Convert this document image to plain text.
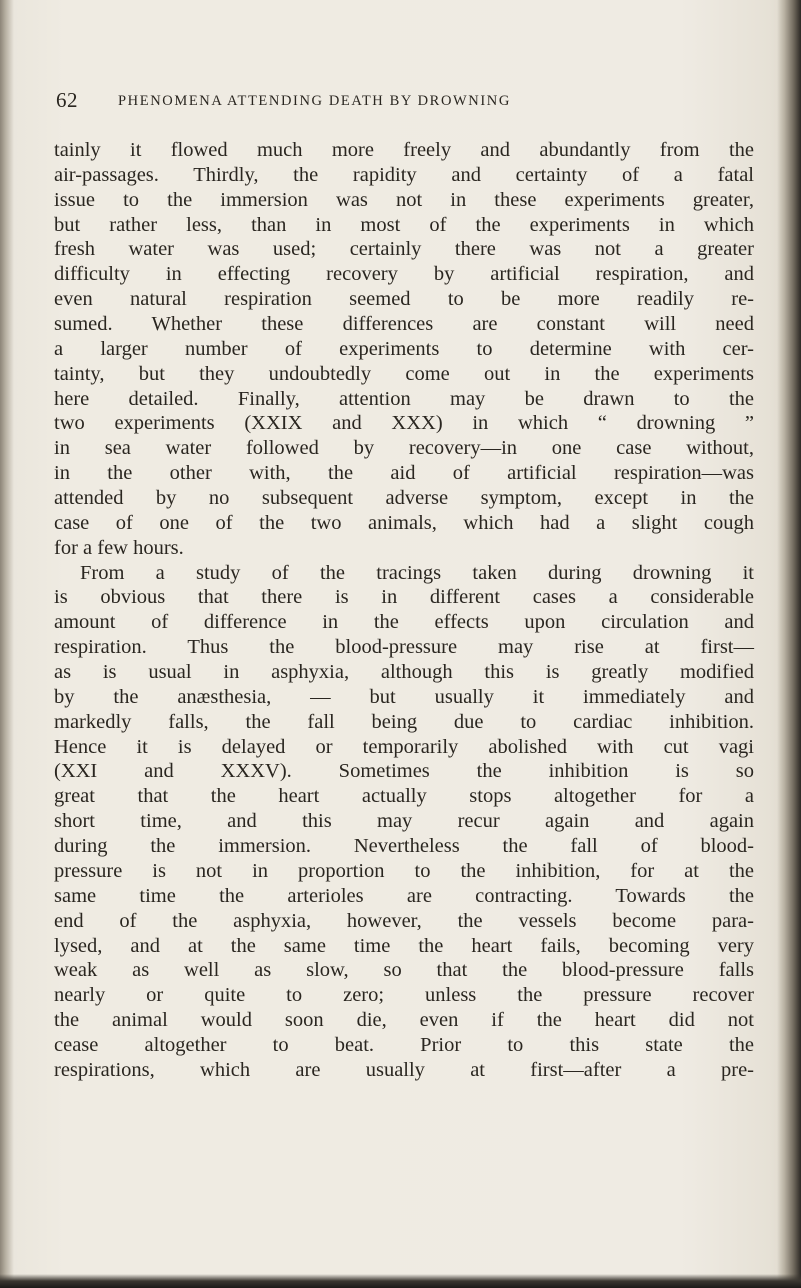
62	PHENOMENA ATTENDING DEATH BY DROWNING
tainly it flowed much more freely and abundantly from the
air-passages. Thirdly, the rapidity and certainty of a fatal
issue to the immersion was not in these experiments greater,
but rather less, than in most of the experiments in which
fresh water was used; certainly there was not a greater
difficulty in effecting recovery by artificial respiration, and
even natural respiration seemed to be more readily re-
sumed. Whether these differences are constant will need
a larger number of experiments to determine with cer-
tainty, but they undoubtedly come out in the experiments
here detailed. Finally, attention may be drawn to the
two experiments (XXIX and XXX) in which “ drowning ”
in sea water followed by recovery—in one case without,
in the other with, the aid of artificial respiration—was
attended by no subsequent adverse symptom, except in the
case of one of the two animals, which had a slight cough
for a few hours.
From a study of the tracings taken during drowning it
is obvious that there is in different cases a considerable
amount of difference in the effects upon circulation and
respiration. Thus the blood-pressure may rise at first—
as is usual in asphyxia, although this is greatly modified
by the anæsthesia, — but usually it immediately and
markedly falls, the fall being due to cardiac inhibition.
Hence it is delayed or temporarily abolished with cut vagi
(XXI and XXXV). Sometimes the inhibition is so
great that the heart actually stops altogether for a
short time, and this may recur again and again
during the immersion. Nevertheless the fall of blood-
pressure is not in proportion to the inhibition, for at the
same time the arterioles are contracting. Towards the
end of the asphyxia, however, the vessels become para-
lysed, and at the same time the heart fails, becoming very
weak as well as slow, so that the blood-pressure falls
nearly or quite to zero; unless the pressure recover
the animal would soon die, even if the heart did not
cease altogether to beat. Prior to this state the
respirations, which are usually at first—after a pre-
